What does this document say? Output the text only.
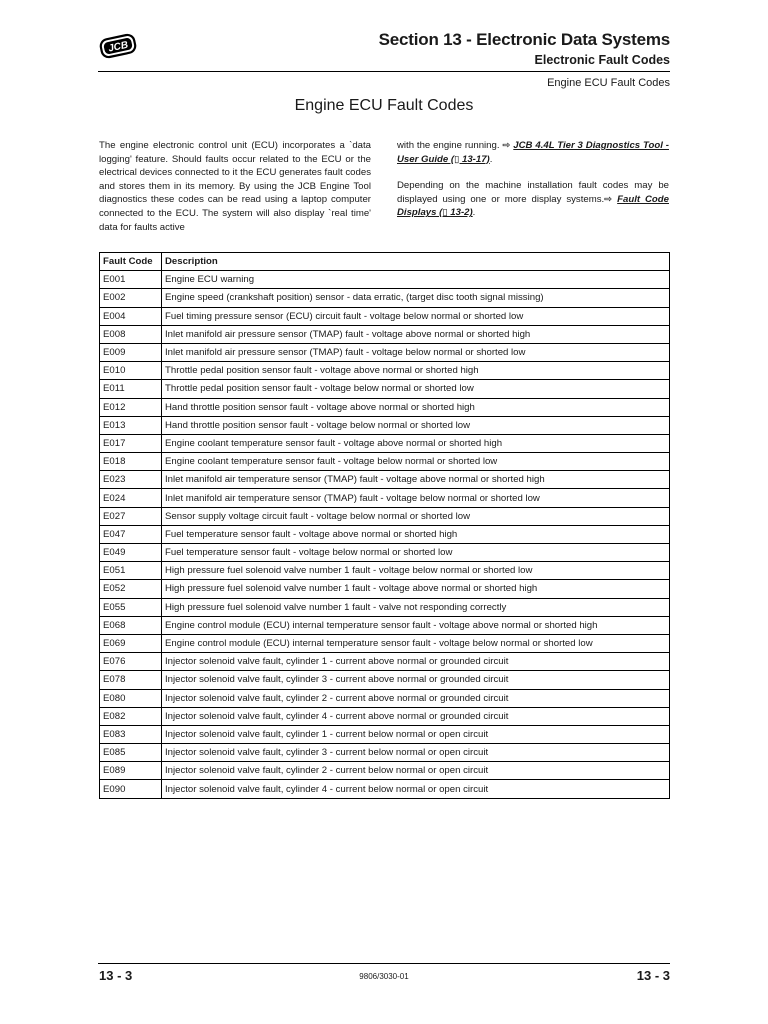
JCB	Section 13 - Electronic Data Systems
Electronic Fault Codes
Engine ECU Fault Codes
Engine ECU Fault Codes

The engine electronic control unit (ECU) incorporates a `data logging' feature. Should faults occur related to the ECU or the electrical devices connected to it the ECU generates fault codes and stores them in its memory. By using the JCB Engine Tool diagnostics these codes can be read using a laptop computer connected to the ECU. The system will also display `real time' data for faults active

with the engine running. ⇨ JCB 4.4L Tier 3 Diagnostics Tool - User Guide (▯ 13-17).

Depending on the machine installation fault codes may be displayed using one or more display systems.⇨ Fault Code Displays (▯ 13-2).

Fault Code	Description
E001	Engine ECU warning
E002	Engine speed (crankshaft position) sensor - data erratic, (target disc tooth signal missing)
E004	Fuel timing pressure sensor (ECU) circuit fault - voltage below normal or shorted low
E008	Inlet manifold air pressure sensor (TMAP) fault - voltage above normal or shorted high
E009	Inlet manifold air pressure sensor (TMAP) fault - voltage below normal or shorted low
E010	Throttle pedal position sensor fault - voltage above normal or shorted high
E011	Throttle pedal position sensor fault - voltage below normal or shorted low
E012	Hand throttle position sensor fault - voltage above normal or shorted high
E013	Hand throttle position sensor fault - voltage below normal or shorted low
E017	Engine coolant temperature sensor fault - voltage above normal or shorted high
E018	Engine coolant temperature sensor fault - voltage below normal or shorted low
E023	Inlet manifold air temperature sensor (TMAP) fault - voltage above normal or shorted high
E024	Inlet manifold air temperature sensor (TMAP) fault - voltage below normal or shorted low
E027	Sensor supply voltage circuit fault - voltage below normal or shorted low
E047	Fuel temperature sensor fault - voltage above normal or shorted high
E049	Fuel temperature sensor fault - voltage below normal or shorted low
E051	High pressure fuel solenoid valve number 1 fault - voltage below normal or shorted low
E052	High pressure fuel solenoid valve number 1 fault - voltage above normal or shorted high
E055	High pressure fuel solenoid valve number 1 fault - valve not responding correctly
E068	Engine control module (ECU) internal temperature sensor fault - voltage above normal or shorted high
E069	Engine control module (ECU) internal temperature sensor fault - voltage below normal or shorted low
E076	Injector solenoid valve fault, cylinder 1 - current above normal or grounded circuit
E078	Injector solenoid valve fault, cylinder 3 - current above normal or grounded circuit
E080	Injector solenoid valve fault, cylinder 2 - current above normal or grounded circuit
E082	Injector solenoid valve fault, cylinder 4 - current above normal or grounded circuit
E083	Injector solenoid valve fault, cylinder 1 - current below normal or open circuit
E085	Injector solenoid valve fault, cylinder 3 - current below normal or open circuit
E089	Injector solenoid valve fault, cylinder 2 - current below normal or open circuit
E090	Injector solenoid valve fault, cylinder 4 - current below normal or open circuit
13 - 3	9806/3030-01	13 - 3
